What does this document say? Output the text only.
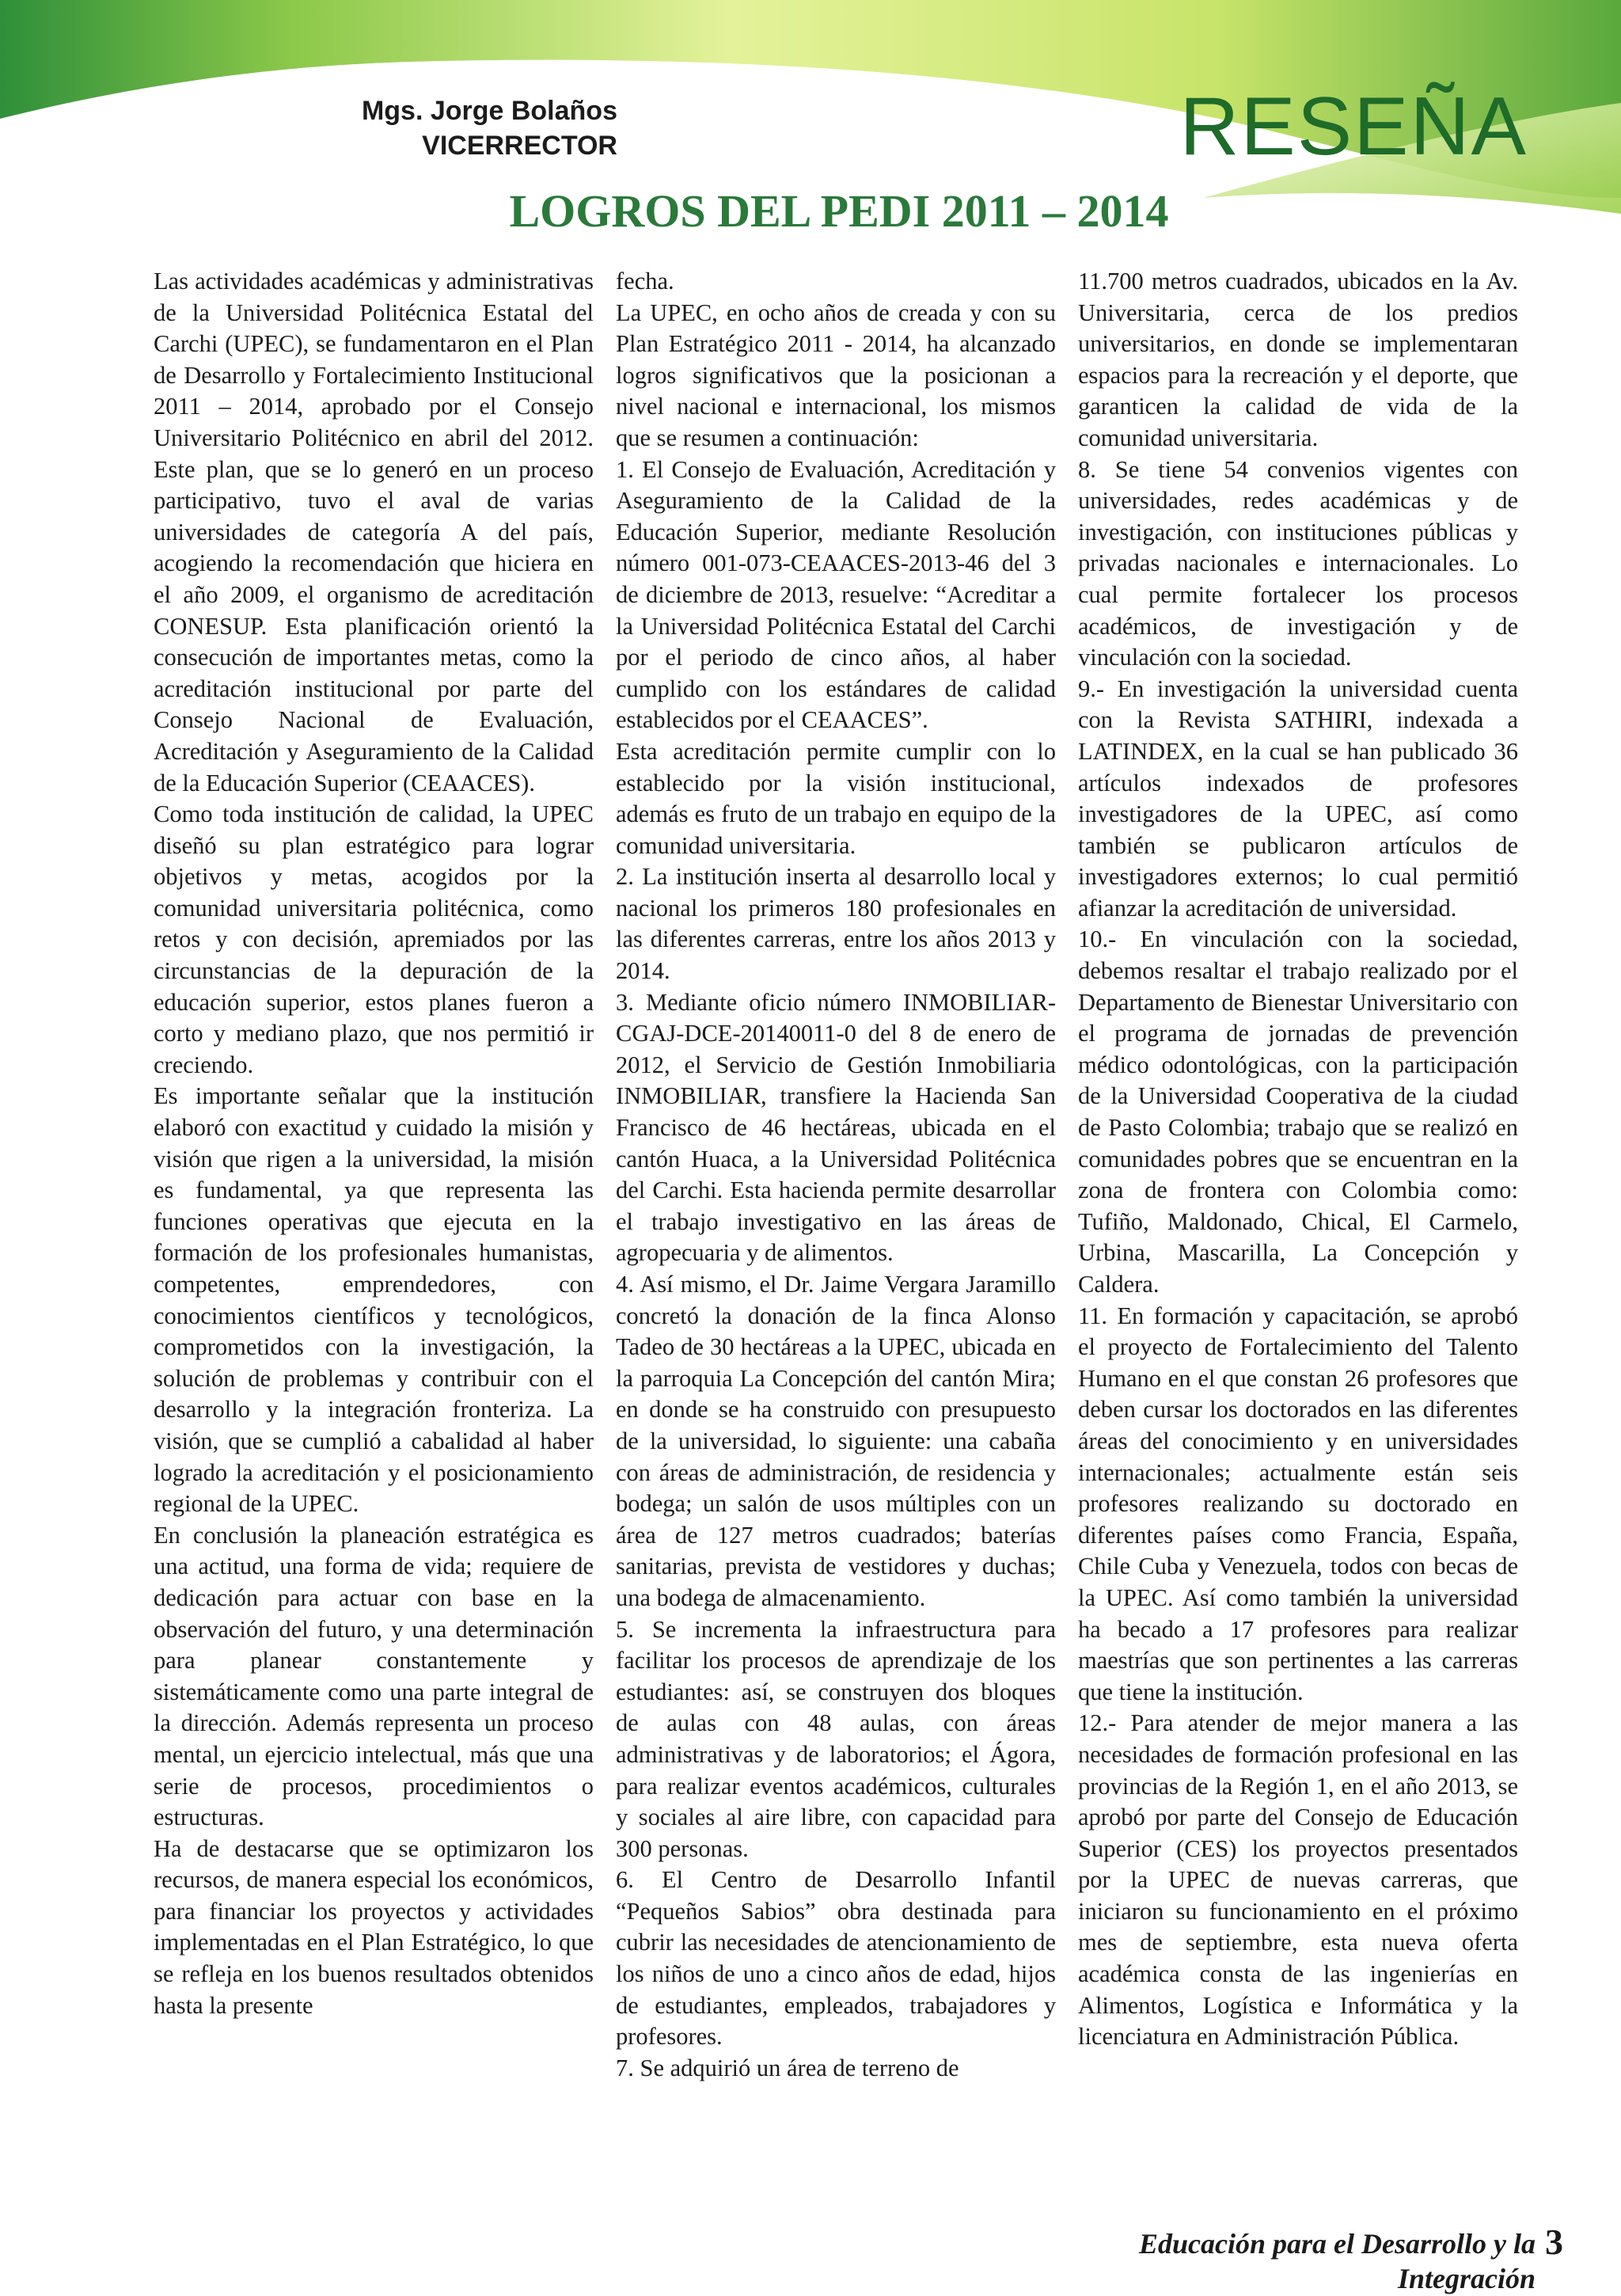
Mgs. Jorge Bolaños
VICERRECTOR	RESEÑA
LOGROS DEL PEDI 2011 – 2014

Las actividades académicas y administrativas de la Universidad Politécnica Estatal del Carchi (UPEC), se fundamentaron en el Plan de Desarrollo y Fortalecimiento Institucional 2011 – 2014, aprobado por el Consejo Universitario Politécnico en abril del 2012. Este plan, que se lo generó en un proceso participativo, tuvo el aval de varias universidades de categoría A del país, acogiendo la recomendación que hiciera en el año 2009, el organismo de acreditación CONESUP. Esta planificación orientó la consecución de importantes metas, como la acreditación institucional por parte del Consejo Nacional de Evaluación, Acreditación y Aseguramiento de la Calidad de la Educación Superior (CEAACES).

Como toda institución de calidad, la UPEC diseñó su plan estratégico para lograr objetivos y metas, acogidos por la comunidad universitaria politécnica, como retos y con decisión, apremiados por las circunstancias de la depuración de la educación superior, estos planes fueron a corto y mediano plazo, que nos permitió ir creciendo.

Es importante señalar que la institución elaboró con exactitud y cuidado la misión y visión que rigen a la universidad, la misión es fundamental, ya que representa las funciones operativas que ejecuta en la formación de los profesionales humanistas, competentes, emprendedores, con conocimientos científicos y tecnológicos, comprometidos con la investigación, la solución de problemas y contribuir con el desarrollo y la integración fronteriza. La visión, que se cumplió a cabalidad al haber logrado la acreditación y el posicionamiento regional de la UPEC.

En conclusión la planeación estratégica es una actitud, una forma de vida; requiere de dedicación para actuar con base en la observación del futuro, y una determinación para planear constantemente y sistemáticamente como una parte integral de la dirección. Además representa un proceso mental, un ejercicio intelectual, más que una serie de procesos, procedimientos o estructuras.

Ha de destacarse que se optimizaron los recursos, de manera especial los económicos, para financiar los proyectos y actividades implementadas en el Plan Estratégico, lo que se refleja en los buenos resultados obtenidos hasta la presente

fecha.

La UPEC, en ocho años de creada y con su Plan Estratégico 2011 - 2014, ha alcanzado logros significativos que la posicionan a nivel nacional e internacional, los mismos que se resumen a continuación:

1. El Consejo de Evaluación, Acreditación y Aseguramiento de la Calidad de la Educación Superior, mediante Resolución número 001-073-CEAACES-2013-46 del 3 de diciembre de 2013, resuelve: “Acreditar a la Universidad Politécnica Estatal del Carchi por el periodo de cinco años, al haber cumplido con los estándares de calidad establecidos por el CEAACES”.

Esta acreditación permite cumplir con lo establecido por la visión institucional, además es fruto de un trabajo en equipo de la comunidad universitaria.

2. La institución inserta al desarrollo local y nacional los primeros 180 profesionales en las diferentes carreras, entre los años 2013 y 2014.

3. Mediante oficio número INMOBILIAR-CGAJ-DCE-20140011-0 del 8 de enero de 2012, el Servicio de Gestión Inmobiliaria INMOBILIAR, transfiere la Hacienda San Francisco de 46 hectáreas, ubicada en el cantón Huaca, a la Universidad Politécnica del Carchi. Esta hacienda permite desarrollar el trabajo investigativo en las áreas de agropecuaria y de alimentos.

4. Así mismo, el Dr. Jaime Vergara Jaramillo concretó la donación de la finca Alonso Tadeo de 30 hectáreas a la UPEC, ubicada en la parroquia La Concepción del cantón Mira; en donde se ha construido con presupuesto de la universidad, lo siguiente: una cabaña con áreas de administración, de residencia y bodega; un salón de usos múltiples con un área de 127 metros cuadrados; baterías sanitarias, prevista de vestidores y duchas; una bodega de almacenamiento.

5. Se incrementa la infraestructura para facilitar los procesos de aprendizaje de los estudiantes: así, se construyen dos bloques de aulas con 48 aulas, con áreas administrativas y de laboratorios; el Ágora, para realizar eventos académicos, culturales y sociales al aire libre, con capacidad para 300 personas.

6. El Centro de Desarrollo Infantil “Pequeños Sabios” obra destinada para cubrir las necesidades de atencionamiento de los niños de uno a cinco años de edad, hijos de estudiantes, empleados, trabajadores y profesores.

7. Se adquirió un área de terreno de

11.700 metros cuadrados, ubicados en la Av. Universitaria, cerca de los predios universitarios, en donde se implementaran espacios para la recreación y el deporte, que garanticen la calidad de vida de la comunidad universitaria.

8. Se tiene 54 convenios vigentes con universidades, redes académicas y de investigación, con instituciones públicas y privadas nacionales e internacionales. Lo cual permite fortalecer los procesos académicos, de investigación y de vinculación con la sociedad.

9.- En investigación la universidad cuenta con la Revista SATHIRI, indexada a LATINDEX, en la cual se han publicado 36 artículos indexados de profesores investigadores de la UPEC, así como también se publicaron artículos de investigadores externos; lo cual permitió afianzar la acreditación de universidad.

10.- En vinculación con la sociedad, debemos resaltar el trabajo realizado por el Departamento de Bienestar Universitario con el programa de jornadas de prevención médico odontológicas, con la participación de la Universidad Cooperativa de la ciudad de Pasto Colombia; trabajo que se realizó en comunidades pobres que se encuentran en la zona de frontera con Colombia como: Tufiño, Maldonado, Chical, El Carmelo, Urbina, Mascarilla, La Concepción y Caldera.

11. En formación y capacitación, se aprobó el proyecto de Fortalecimiento del Talento Humano en el que constan 26 profesores que deben cursar los doctorados en las diferentes áreas del conocimiento y en universidades internacionales; actualmente están seis profesores realizando su doctorado en diferentes países como Francia, España, Chile Cuba y Venezuela, todos con becas de la UPEC. Así como también la universidad ha becado a 17 profesores para realizar maestrías que son pertinentes a las carreras que tiene la institución.

12.- Para atender de mejor manera a las necesidades de formación profesional en las provincias de la Región 1, en el año 2013, se aprobó por parte del Consejo de Educación Superior (CES) los proyectos presentados por la UPEC de nuevas carreras, que iniciaron su funcionamiento en el próximo mes de septiembre, esta nueva oferta académica consta de las ingenierías en Alimentos, Logística e Informática y la licenciatura en Administración Pública.

Educación para el Desarrollo y la Integración
3
